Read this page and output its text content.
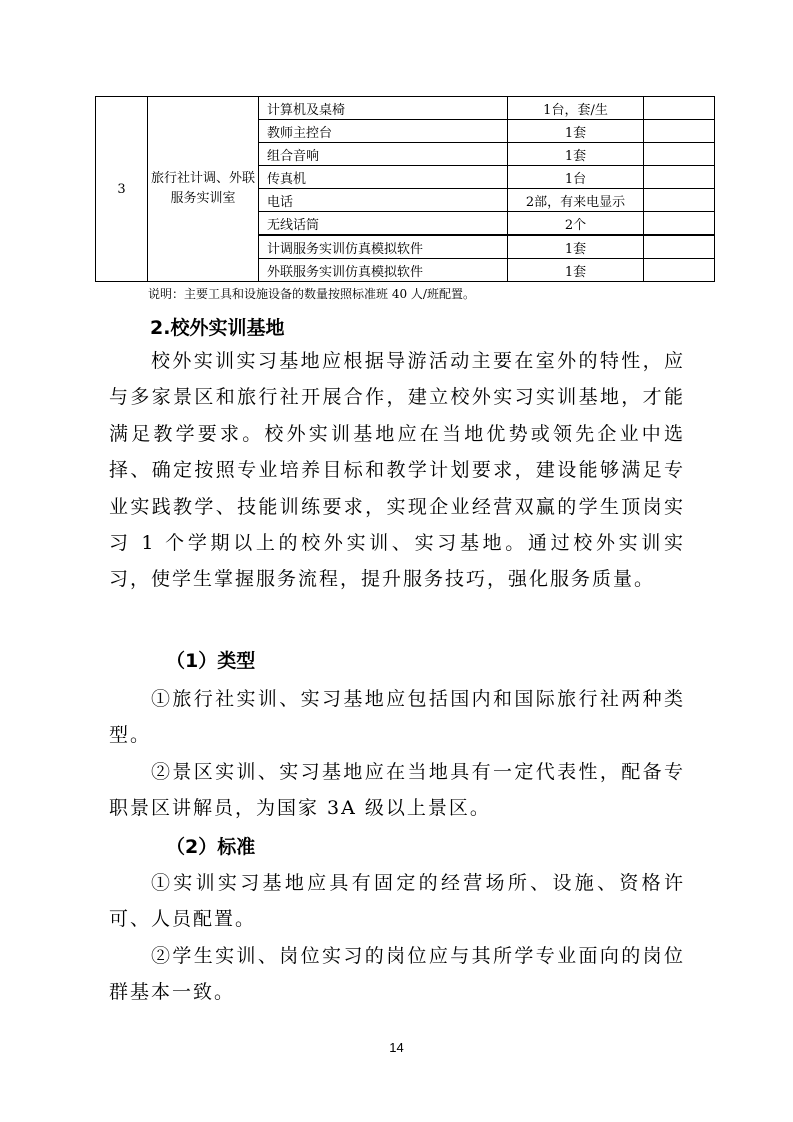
3	旅行社计调、外联服务实训室	计算机及桌椅	1台，套/生	
		教师主控台	1套	
		组合音响	1套	
		传真机	1台	
		电话	2部，有来电显示	
		无线话筒	2个	
		计调服务实训仿真模拟软件	1套	
		外联服务实训仿真模拟软件	1套	
说明：主要工具和设施设备的数量按照标准班 40 人/班配置。
2.校外实训基地

校外实训实习基地应根据导游活动主要在室外的特性，应与多家景区和旅行社开展合作，建立校外实习实训基地，才能满足教学要求。校外实训基地应在当地优势或领先企业中选择、确定按照专业培养目标和教学计划要求，建设能够满足专业实践教学、技能训练要求，实现企业经营双赢的学生顶岗实习 1 个学期以上的校外实训、实习基地。通过校外实训实习，使学生掌握服务流程，提升服务技巧，强化服务质量。

（1）类型

①旅行社实训、实习基地应包括国内和国际旅行社两种类型。

②景区实训、实习基地应在当地具有一定代表性，配备专职景区讲解员，为国家 3A 级以上景区。

（2）标准

①实训实习基地应具有固定的经营场所、设施、资格许可、人员配置。

②学生实训、岗位实习的岗位应与其所学专业面向的岗位群基本一致。

14
